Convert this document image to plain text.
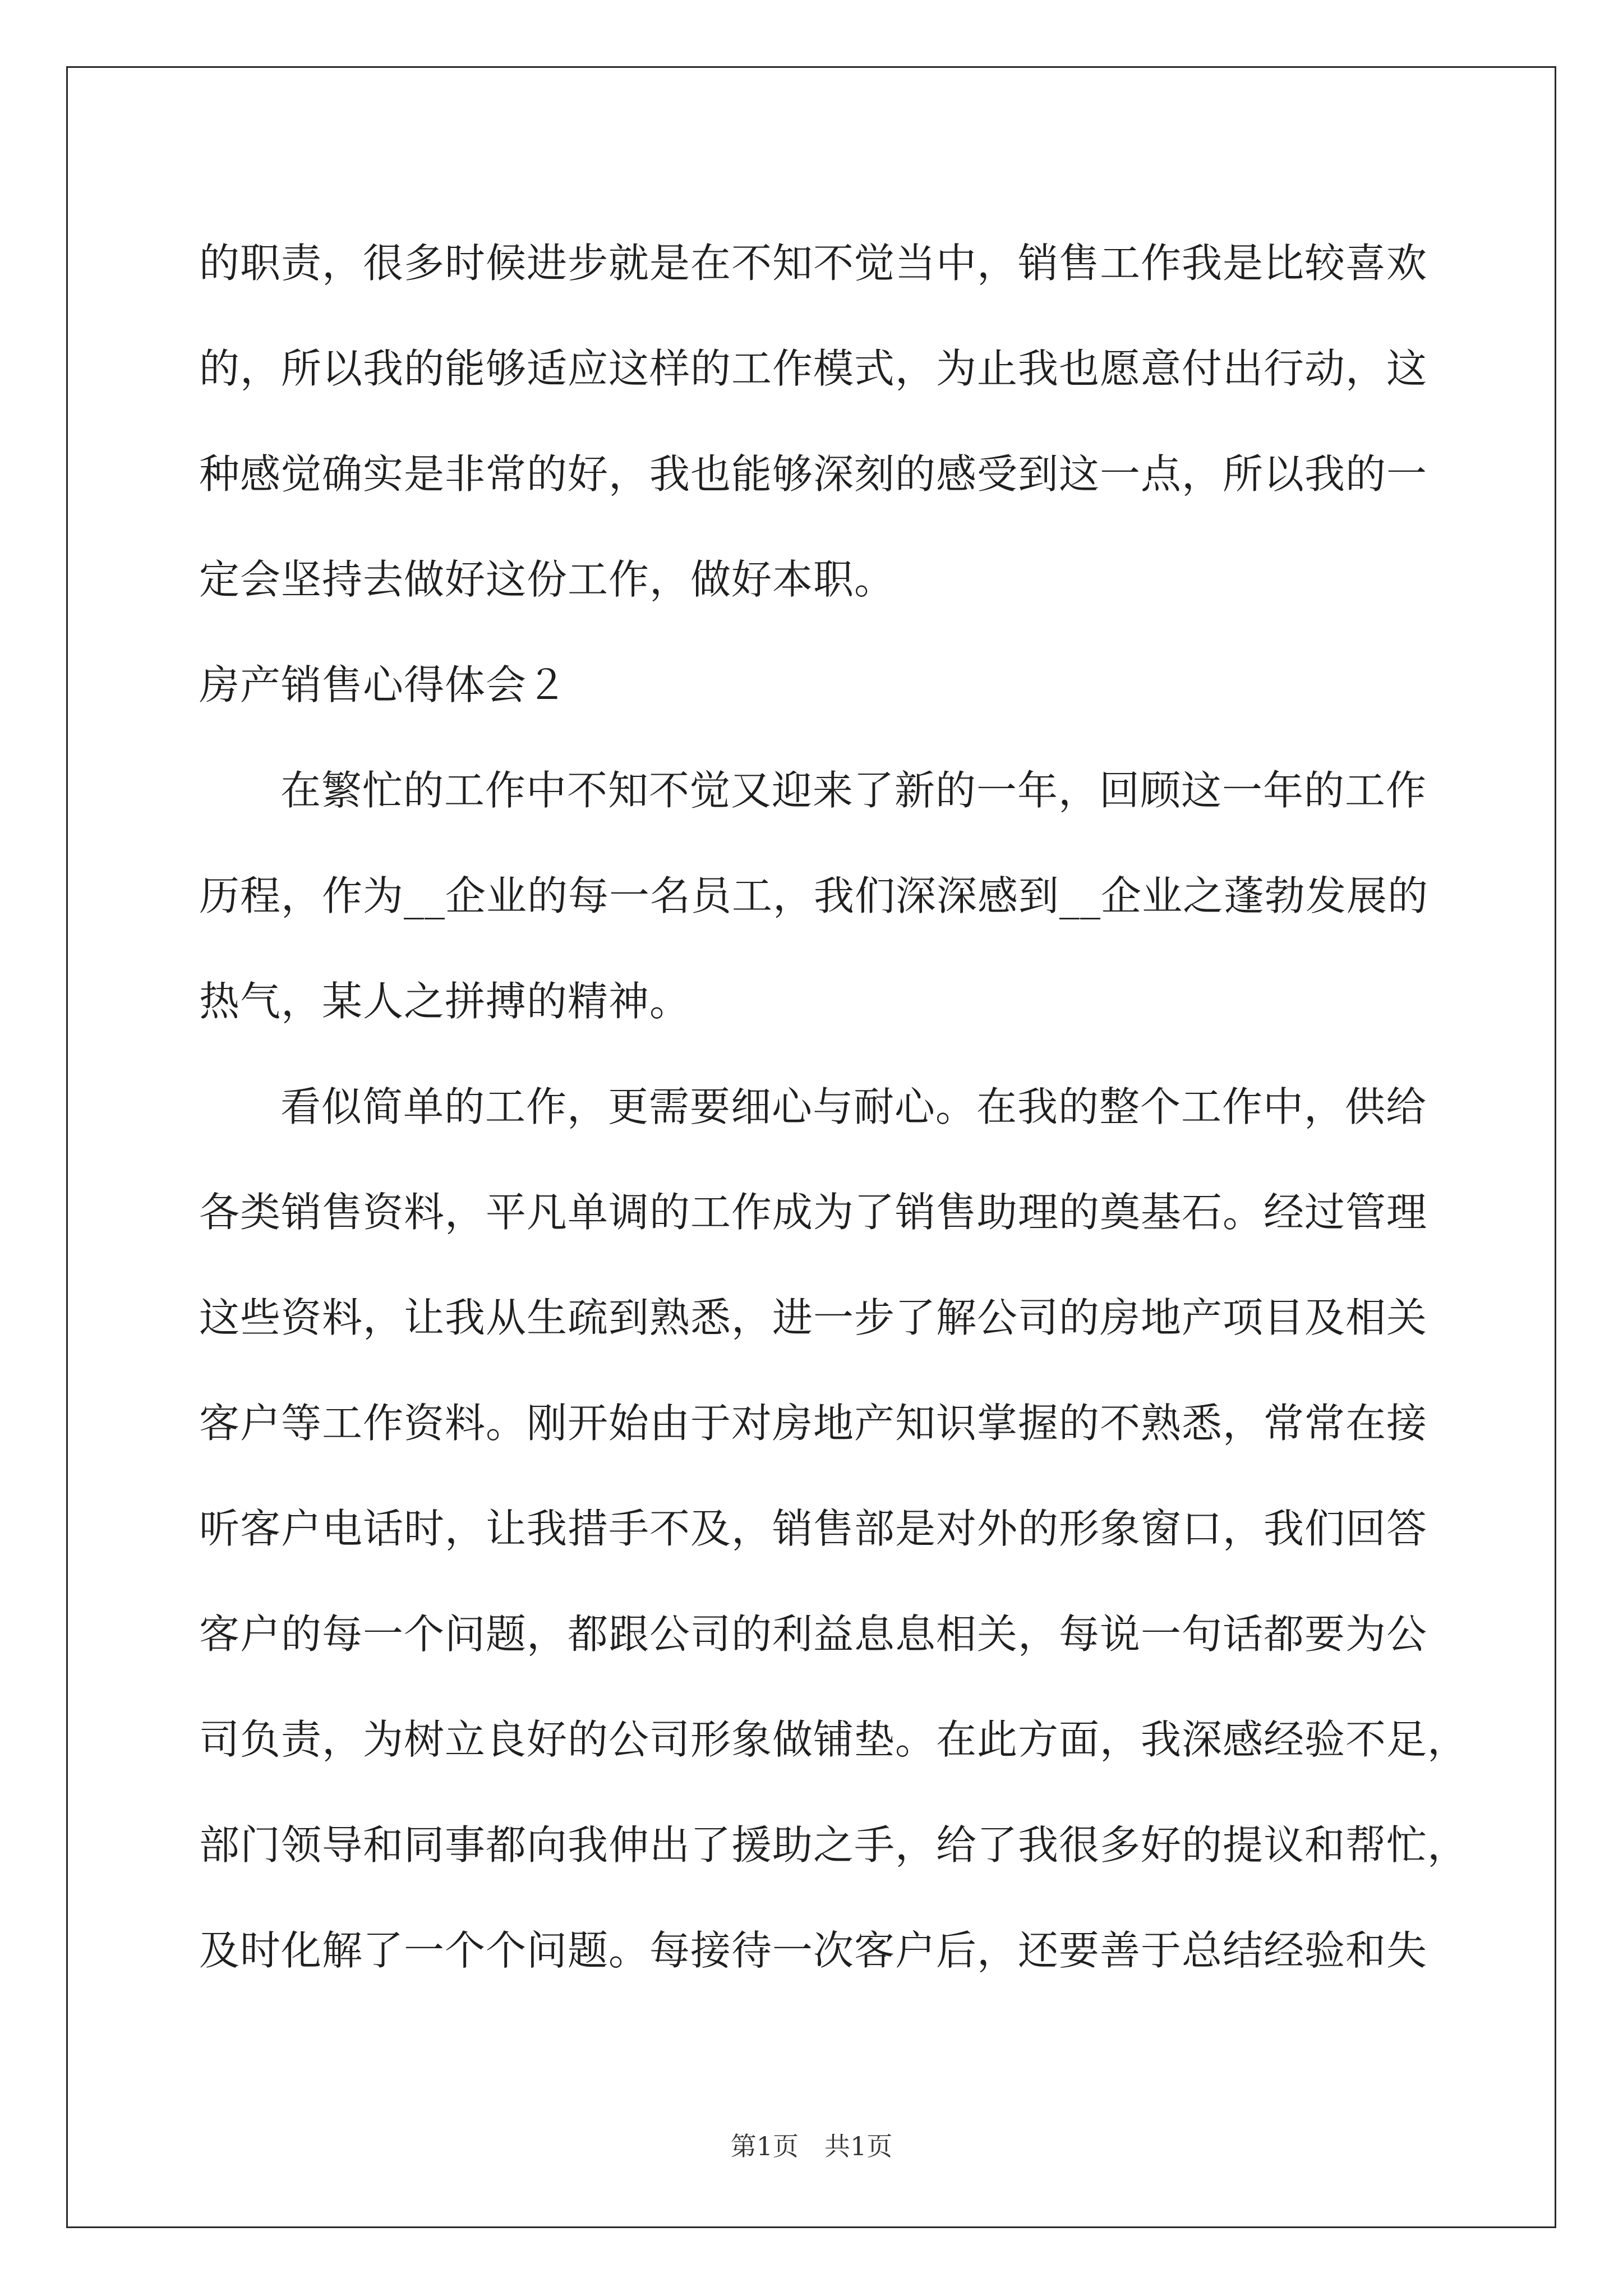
的职责，很多时候进步就是在不知不觉当中，销售工作我是比较喜欢
的，所以我的能够适应这样的工作模式，为止我也愿意付出行动，这
种感觉确实是非常的好，我也能够深刻的感受到这一点，所以我的一
定会坚持去做好这份工作，做好本职。
房产销售心得体会２
在繁忙的工作中不知不觉又迎来了新的一年，回顾这一年的工作
历程，作为__企业的每一名员工，我们深深感到__企业之蓬勃发展的
热气，某人之拼搏的精神。
看似简单的工作，更需要细心与耐心。在我的整个工作中，供给
各类销售资料，平凡单调的工作成为了销售助理的奠基石。经过管理
这些资料，让我从生疏到熟悉，进一步了解公司的房地产项目及相关
客户等工作资料。刚开始由于对房地产知识掌握的不熟悉，常常在接
听客户电话时，让我措手不及，销售部是对外的形象窗口，我们回答
客户的每一个问题，都跟公司的利益息息相关，每说一句话都要为公
司负责，为树立良好的公司形象做铺垫。在此方面，我深感经验不足，
部门领导和同事都向我伸出了援助之手，给了我很多好的提议和帮忙，
及时化解了一个个问题。每接待一次客户后，还要善于总结经验和失
第1页　共1页
